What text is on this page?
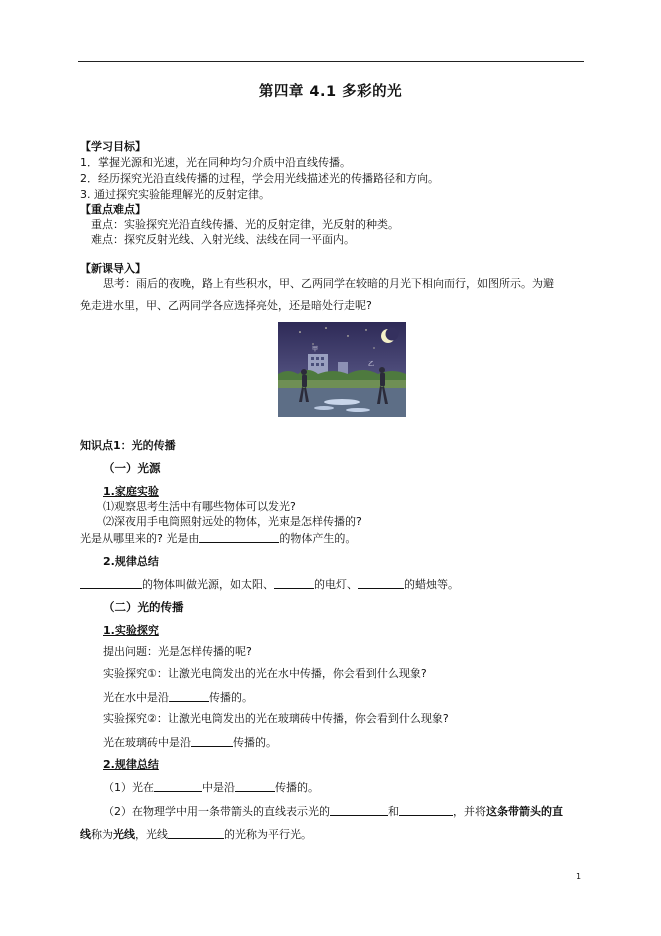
第四章 4.1 多彩的光
【学习目标】
1．掌握光源和光速，光在同种均匀介质中沿直线传播。
2．经历探究光沿直线传播的过程，学会用光线描述光的传播路径和方向。
3. 通过探究实验能理解光的反射定律。
【重点难点】
重点：实验探究光沿直线传播、光的反射定律，光反射的种类。
难点：探究反射光线、入射光线、法线在同一平面内。
【新课导入】
思考：雨后的夜晚，路上有些积水，甲、乙两同学在较暗的月光下相向而行，如图所示。为避
免走进水里，甲、乙两同学各应选择亮处，还是暗处行走呢?
甲
乙
知识点1：光的传播
（一）光源
1.家庭实验
⑴观察思考生活中有哪些物体可以发光?
⑵深夜用手电筒照射远处的物体，光束是怎样传播的?
光是从哪里来的? 光是由	的物体产生的。
2.规律总结
的物体叫做光源，如太阳、	的电灯、	的蜡烛等。
（二）光的传播
1.实验探究
提出问题：光是怎样传播的呢?
实验探究①：让激光电筒发出的光在水中传播，你会看到什么现象?
光在水中是沿	传播的。
实验探究②：让激光电筒发出的光在玻璃砖中传播，你会看到什么现象?
光在玻璃砖中是沿	传播的。
2.规律总结
（1）光在	中是沿	传播的。
（2）在物理学中用一条带箭头的直线表示光的	和	，并将这条带箭头的直
线称为光线，光线	的光称为平行光。
1
